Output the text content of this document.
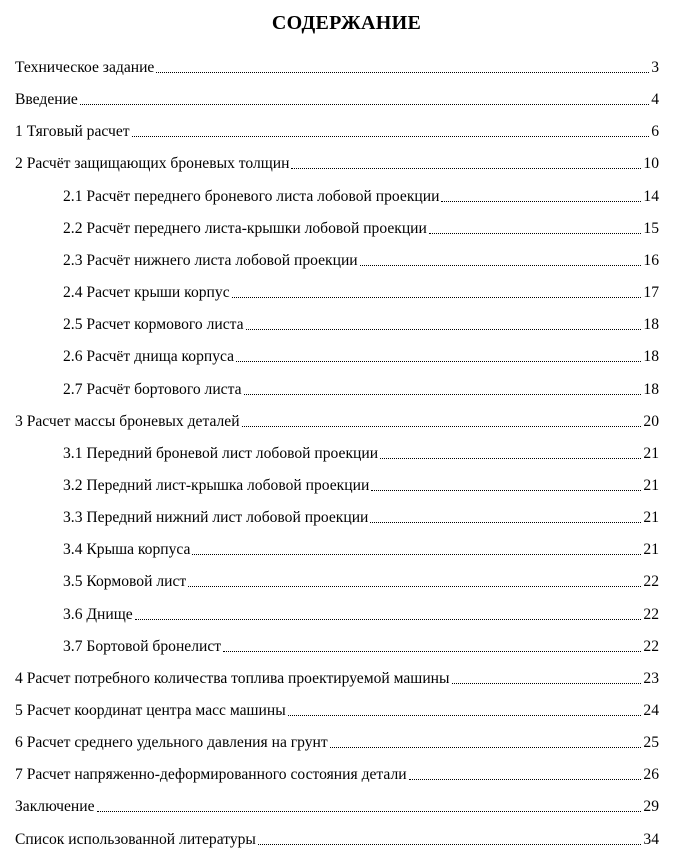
СОДЕРЖАНИЕ
Техническое задание	3
Введение	4
1 Тяговый расчет	6
2 Расчёт защищающих броневых толщин	10
2.1 Расчёт переднего броневого листа лобовой проекции	14
2.2 Расчёт переднего листа-крышки лобовой проекции	15
2.3 Расчёт нижнего листа лобовой проекции	16
2.4 Расчет крыши корпус	17
2.5 Расчет кормового листа	18
2.6 Расчёт днища корпуса	18
2.7 Расчёт бортового листа	18
3 Расчет массы броневых деталей	20
3.1 Передний броневой лист лобовой проекции	21
3.2 Передний лист-крышка лобовой проекции	21
3.3 Передний нижний лист лобовой проекции	21
3.4 Крыша корпуса	21
3.5 Кормовой лист	22
3.6 Днище	22
3.7 Бортовой бронелист	22
4 Расчет потребного количества топлива проектируемой машины	23
5 Расчет координат центра масс машины	24
6 Расчет среднего удельного давления на грунт	25
7 Расчет напряженно-деформированного состояния детали	26
Заключение	29
Список использованной литературы	34
